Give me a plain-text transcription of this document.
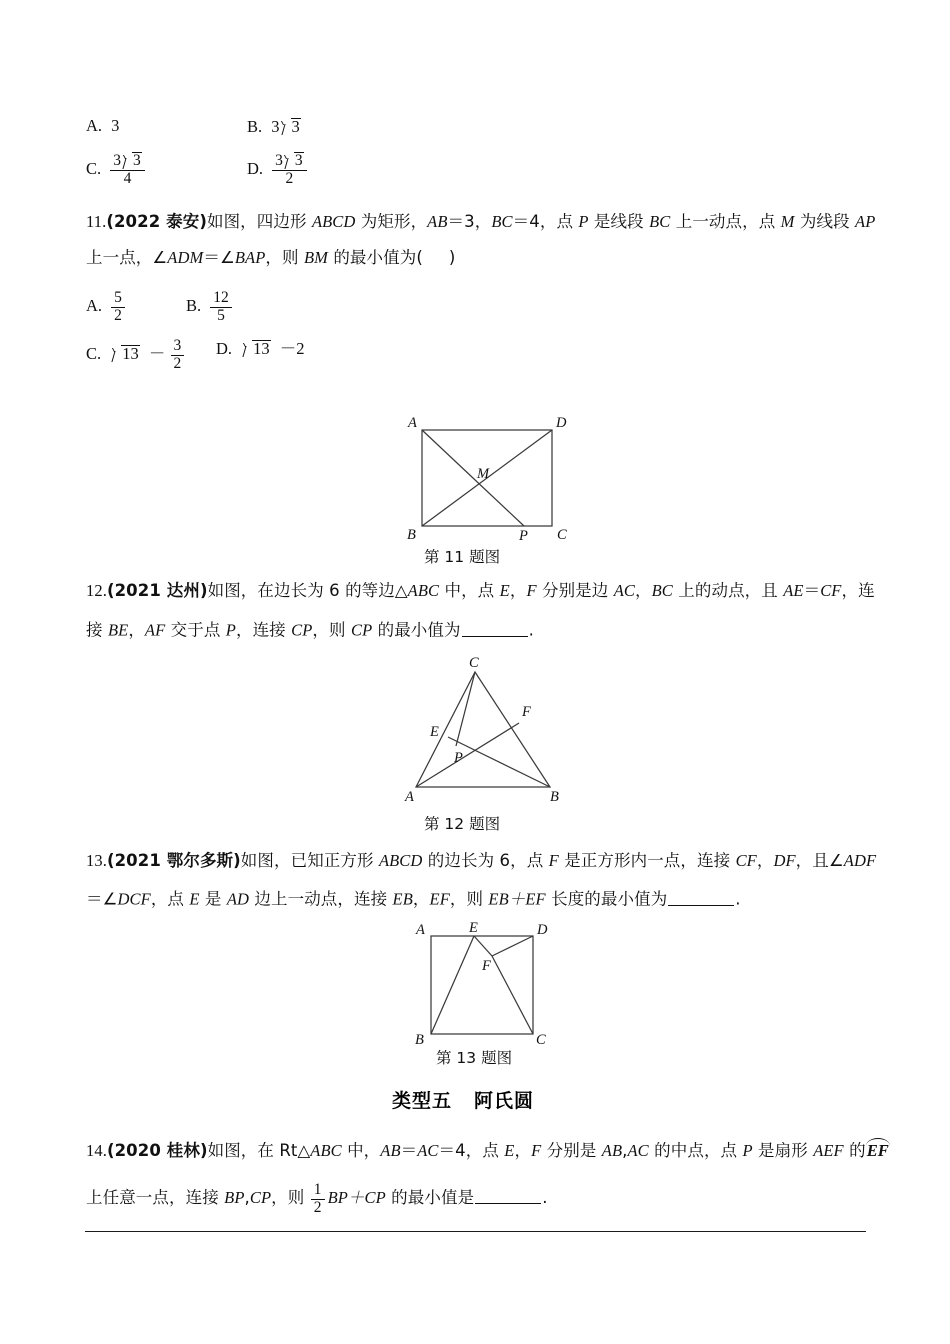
A. 3	B. 3 3
C. $\frac{3 3}{4}$	D. $\frac{3 3}{2}$
11.(2022 泰安)如图，四边形 ABCD 为矩形，AB＝3，BC＝4，点 P 是线段 BC 上一动点，点 M 为线段 AP
上一点，∠ADM＝∠BAP，则 BM 的最小值为( )
A. $\frac{5}{2}$	B. $\frac{12}{5}$
C. $13 - \frac{3}{2} D$. 13 －2
A	D
B	C
M
P
第 11 题图
12.(2021 达州)如图，在边长为 6 的等边△ABC 中，点 E，F 分别是边 AC，BC 上的动点，且 AE＝CF，连
接 BE，AF 交于点 P，连接 CP，则 CP 的最小值为	.
C
F
E
P
A	B
第 12 题图
13.(2021 鄂尔多斯)如图，已知正方形 ABCD 的边长为 6，点 F 是正方形内一点，连接 CF，DF，且∠ADF
＝∠DCF，点 E 是 AD 边上一动点，连接 EB，EF，则 EB＋EF 长度的最小值为	.
A	E	D
F
B	C
第 13 题图
类型五 阿氏圆
14.(2020 桂林)如图，在 Rt△ABC 中，AB＝AC＝4，点 E，F 分别是 AB,AC 的中点，点 P 是扇形 AEF 的EF
上任意一点，连接 BP,CP，则 $\frac{1}{2} BP+CP$ 的最小值是	.
